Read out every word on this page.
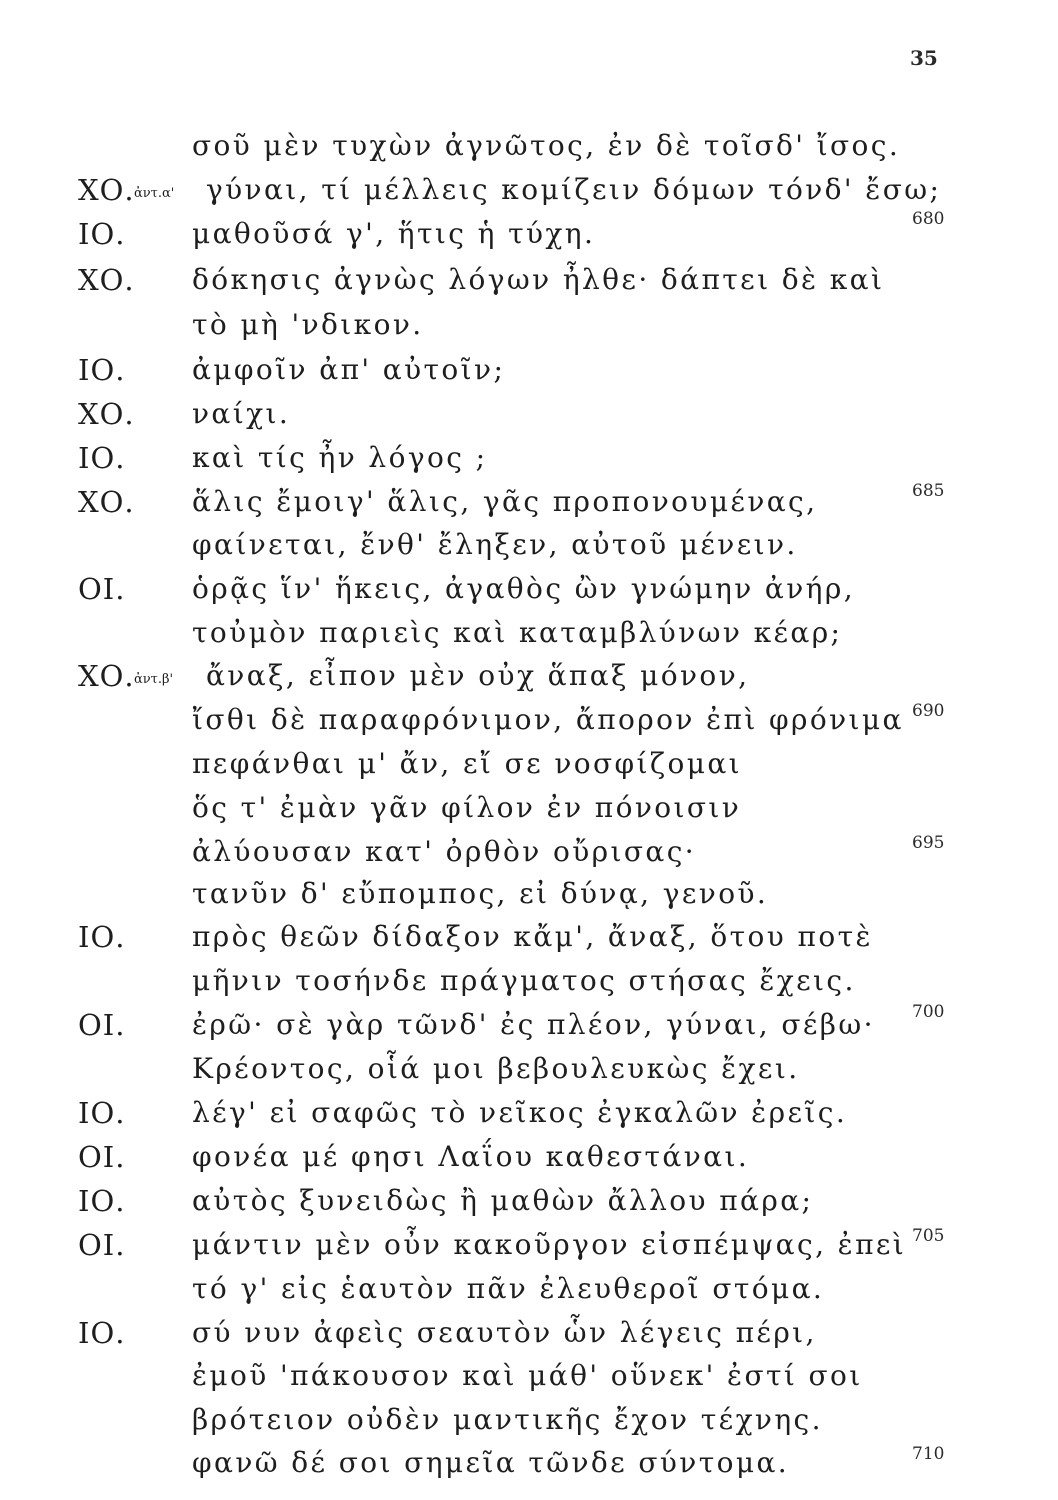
35
σοῦ μὲν τυχὼν ἀγνῶτος, ἐν δὲ τοῖσδ' ἴσος.
ΧΟ. ἀντ.α' γύναι, τί μέλλεις κομίζειν δόμων τόνδ' ἔσω;
ΙΟ. μαθοῦσά γ', ἥτις ἡ τύχη.	680
ΧΟ. δόκησις ἀγνὼς λόγων ἦλθε· δάπτει δὲ καὶ
τὸ μὴ 'νδικον.
ΙΟ. ἀμφοῖν ἀπ' αὐτοῖν;
ΧΟ. ναίχι.
ΙΟ. καὶ τίς ἦν λόγος ;
ΧΟ. ἅλις ἔμοιγ' ἅλις, γᾶς προπονουμένας,	685
φαίνεται, ἔνθ' ἔληξεν, αὐτοῦ μένειν.
ΟΙ. ὁρᾷς ἵν' ἥκεις, ἀγαθὸς ὢν γνώμην ἀνήρ,
τοὐμὸν παριεὶς καὶ καταμβλύνων κέαρ;
ΧΟ. ἀντ.β' ἄναξ, εἶπον μὲν οὐχ ἅπαξ μόνον,
ἴσθι δὲ παραφρόνιμον, ἄπορον ἐπὶ φρόνιμα 690
πεφάνθαι μ' ἄν, εἴ σε νοσφίζομαι
ὅς τ' ἐμὰν γᾶν φίλον ἐν πόνοισιν
ἀλύουσαν κατ' ὀρθὸν οὔρισας·	695
τανῦν δ' εὔπομπος, εἰ δύνᾳ, γενοῦ.
ΙΟ. πρὸς θεῶν δίδαξον κἄμ', ἄναξ, ὅτου ποτὲ
μῆνιν τοσήνδε πράγματος στήσας ἔχεις.
ΟΙ. ἐρῶ· σὲ γὰρ τῶνδ' ἐς πλέον, γύναι, σέβω· 700
Κρέοντος, οἷά μοι βεβουλευκὼς ἔχει.
ΙΟ. λέγ' εἰ σαφῶς τὸ νεῖκος ἐγκαλῶν ἐρεῖς.
ΟΙ. φονέα μέ φησι Λαΐου καθεστάναι.
ΙΟ. αὐτὸς ξυνειδὼς ἢ μαθὼν ἄλλου πάρα;
ΟΙ. μάντιν μὲν οὖν κακοῦργον εἰσπέμψας, ἐπεὶ 705
τό γ' εἰς ἑαυτὸν πᾶν ἐλευθεροῖ στόμα.
ΙΟ. σύ νυν ἀφεὶς σεαυτὸν ὧν λέγεις πέρι,
ἐμοῦ 'πάκουσον καὶ μάθ' οὕνεκ' ἐστί σοι
βρότειον οὐδὲν μαντικῆς ἔχον τέχνης.
φανῶ δέ σοι σημεῖα τῶνδε σύντομα.	710
